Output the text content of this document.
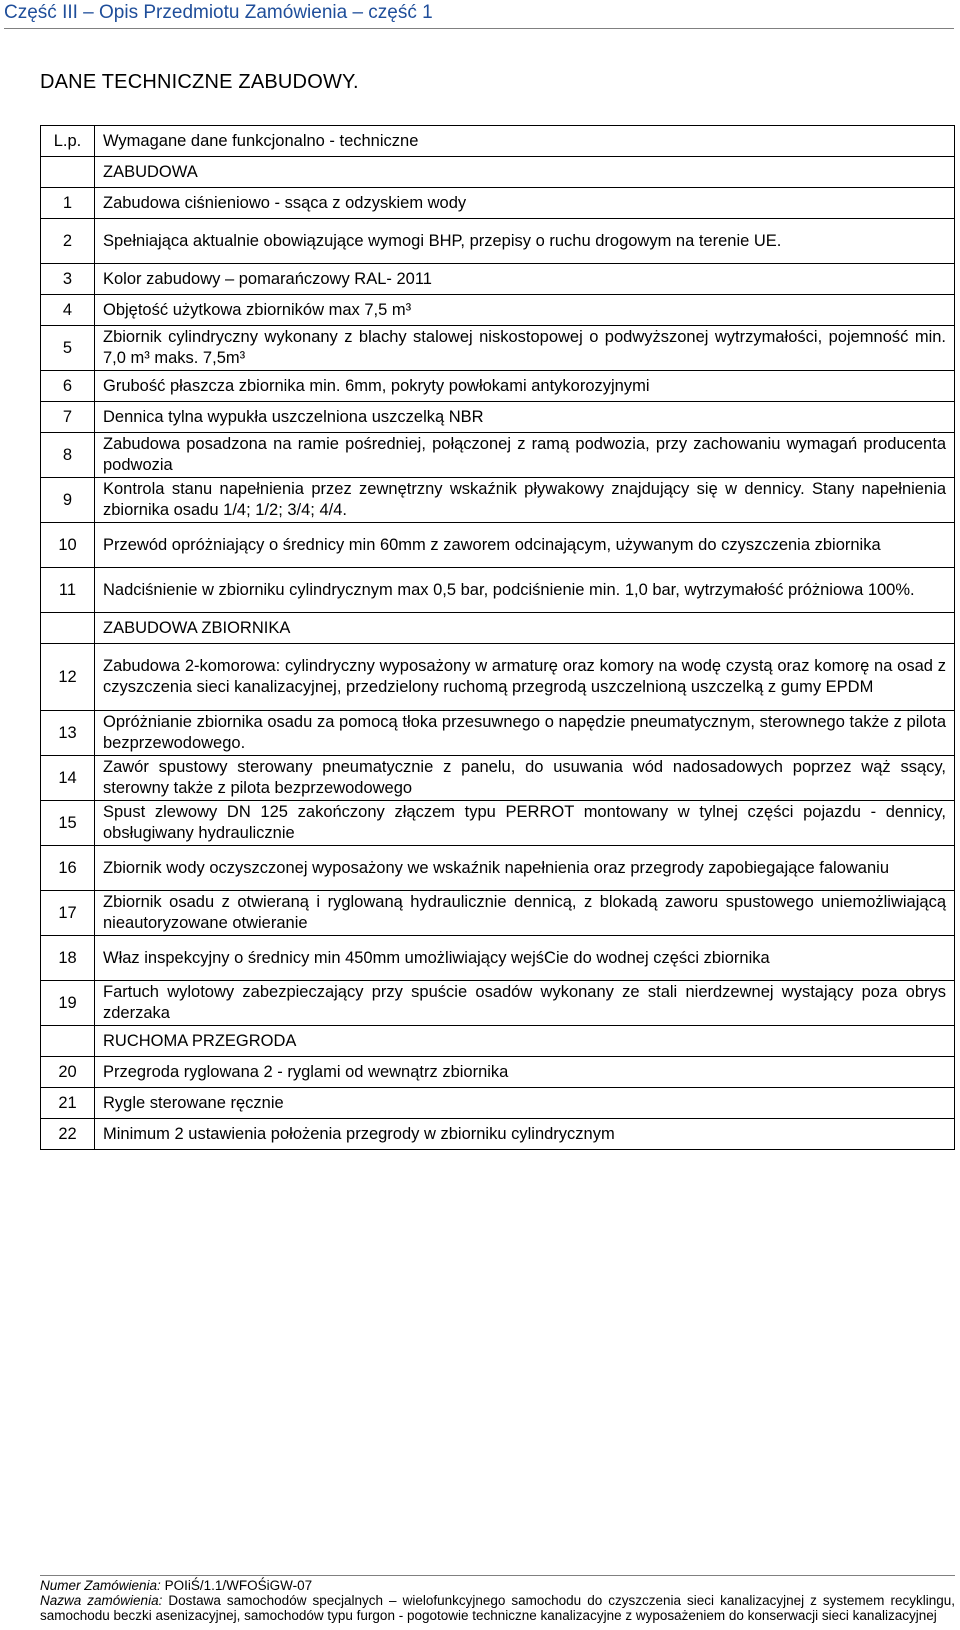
Część III – Opis Przedmiotu Zamówienia – część 1
DANE TECHNICZNE ZABUDOWY.
L.p.	Wymagane dane funkcjonalno - techniczne
	ZABUDOWA
1	Zabudowa ciśnieniowo - ssąca z odzyskiem wody
2	Spełniająca aktualnie obowiązujące wymogi BHP, przepisy o ruchu drogowym na terenie UE.
3	Kolor zabudowy – pomarańczowy RAL- 2011
4	Objętość użytkowa zbiorników max 7,5 m³
5	Zbiornik cylindryczny wykonany z blachy stalowej niskostopowej o podwyższonej wytrzymałości, pojemność min. 7,0 m³ maks. 7,5m³
6	Grubość płaszcza zbiornika min. 6mm, pokryty powłokami antykorozyjnymi
7	Dennica tylna wypukła uszczelniona uszczelką NBR
8	Zabudowa posadzona na ramie pośredniej, połączonej z ramą podwozia, przy zachowaniu wymagań producenta podwozia
9	Kontrola stanu napełnienia przez zewnętrzny wskaźnik pływakowy znajdujący się w dennicy. Stany napełnienia zbiornika osadu 1/4; 1/2; 3/4; 4/4.
10	Przewód opróżniający o średnicy min 60mm z zaworem odcinającym, używanym do czyszczenia zbiornika
11	Nadciśnienie w zbiorniku cylindrycznym max 0,5 bar, podciśnienie min. 1,0 bar, wytrzymałość próżniowa 100%.
	ZABUDOWA ZBIORNIKA
12	Zabudowa 2-komorowa: cylindryczny wyposażony w armaturę oraz komory na wodę czystą oraz komorę na osad z czyszczenia sieci kanalizacyjnej, przedzielony ruchomą przegrodą uszczelnioną uszczelką z gumy EPDM
13	Opróżnianie zbiornika osadu za pomocą tłoka przesuwnego o napędzie pneumatycznym, sterownego także z pilota bezprzewodowego.
14	Zawór spustowy sterowany pneumatycznie z panelu, do usuwania wód nadosadowych poprzez wąż ssący, sterowny także z pilota bezprzewodowego
15	Spust zlewowy DN 125 zakończony złączem typu PERROT montowany w tylnej części pojazdu - dennicy, obsługiwany hydraulicznie
16	Zbiornik wody oczyszczonej wyposażony we wskaźnik napełnienia oraz przegrody zapobiegające falowaniu
17	Zbiornik osadu z otwieraną i ryglowaną hydraulicznie dennicą, z blokadą zaworu spustowego uniemożliwiającą nieautoryzowane otwieranie
18	Właz inspekcyjny o średnicy min 450mm umożliwiający wejśCie do wodnej części zbiornika
19	Fartuch wylotowy zabezpieczający przy spuście osadów wykonany ze stali nierdzewnej wystający poza obrys zderzaka
	RUCHOMA PRZEGRODA
20	Przegroda ryglowana 2 - ryglami od wewnątrz zbiornika
21	Rygle sterowane ręcznie
22	Minimum 2 ustawienia położenia przegrody w zbiorniku cylindrycznym
Numer Zamówienia: POIiŚ/1.1/WFOŚiGW-07
Nazwa zamówienia: Dostawa samochodów specjalnych – wielofunkcyjnego samochodu do czyszczenia sieci kanalizacyjnej z systemem recyklingu, samochodu beczki asenizacyjnej, samochodów typu furgon - pogotowie techniczne kanalizacyjne z wyposażeniem do konserwacji sieci kanalizacyjnej
